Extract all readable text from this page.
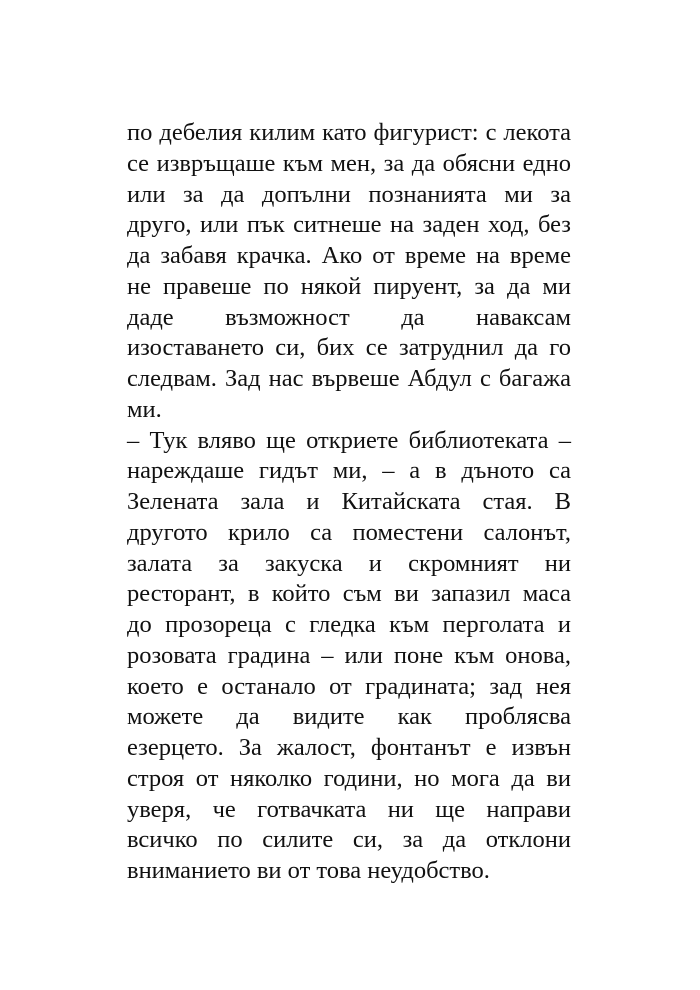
по дебелия килим като фигурист: с лекота
се извръщаше към мен, за да обясни едно
или за да допълни познанията ми за
друго, или пък ситнеше на заден ход, без
да забавя крачка. Ако от време на време
не правеше по някой пируент, за да ми
даде възможност да наваксам
изоставането си, бих се затруднил да го
следвам. Зад нас вървеше Абдул с багажа
ми.
– Тук вляво ще откриете библиотеката –
нареждаше гидът ми, – а в дъното са
Зелената зала и Китайската стая. В
другото крило са поместени салонът,
залата за закуска и скромният ни
ресторант, в който съм ви запазил маса
до прозореца с гледка към перголата и
розовата градина – или поне към онова,
което е останало от градината; зад нея
можете да видите как проблясва
езерцето. За жалост, фонтанът е извън
строя от няколко години, но мога да ви
уверя, че готвачката ни ще направи
всичко по силите си, за да отклони
вниманието ви от това неудобство.
